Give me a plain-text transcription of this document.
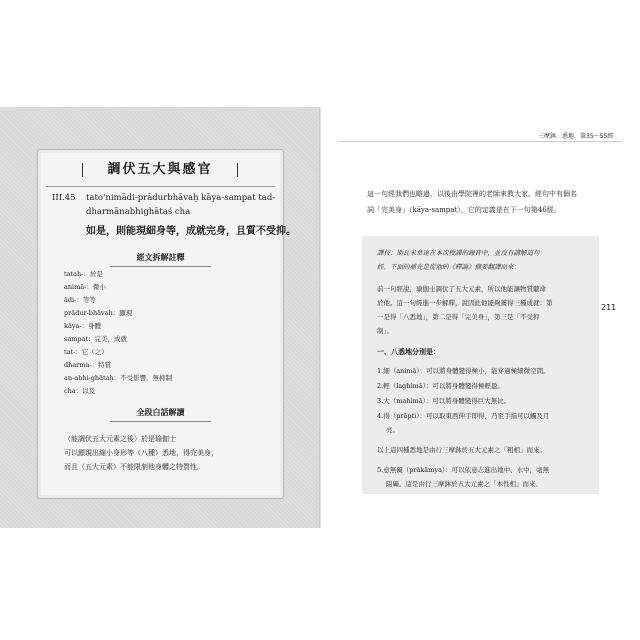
調伏五大與感官
III.45 tato'nimādi-prādurbhāvaḥ kāya-sampat tad-
dharmānabhighātaś cha
如是，則能現細身等，成就完身，且質不受抑。
經文拆解註釋
tataḥ-：於是
animā-：微小
ādi-：等等
prādur-bhāvaḥ：顯現
kāya-：身體
sampat：完美，成就
tat-：它（之）
dharma-：特質
an-abhi-ghātaḥ：不受影響，無抑制
cha：以及
全段白話解讀
（能調伏五大元素之後）於是瑜伽士
可以顯現出縮小身形等（八種）悉地，得完美身，
而且（五大元素）不能限制他身體之特質性。
三摩鉢．悉地　第35～55經
這一句經我們也略過，以後由學院裡的老師來教大家。經句中有個名
詞「完美身」（kāya-sampat），它的定義是在下一句第46經。
譯按：斯瓦米韋達在本次授課的錄音中，並沒有講解這句
經。下面的補充是從他的《釋論》摘要翻譯而來：
前一句經說，瑜伽士調伏了五大元素，所以他能讓物質聽命
於他。這一句經進一步解釋，說因此他能夠獲得三種成就：第
一是得「八悉地」，第二是得「完美身」，第三是「不受抑
制」。
一、八悉地分別是：
1.細（animā）：可以將身體變得極小，能穿過極細微空間。
2.輕（laghimā）：可以將身體變得極輕盈。
3.大（mahimā）：可以將身體變得巨大無比。
4.得（prāpti）：可以取東西伸手即得，乃至手指可以觸及月
亮。
以上這四種悉地是由行三摩鉢於五大元素之「粗相」而來。
5.意無礙（prākāmya）：可以依意志進出地中、水中，毫無
阻礙。這是由行三摩鉢於五大元素之「本性相」而來。
211
